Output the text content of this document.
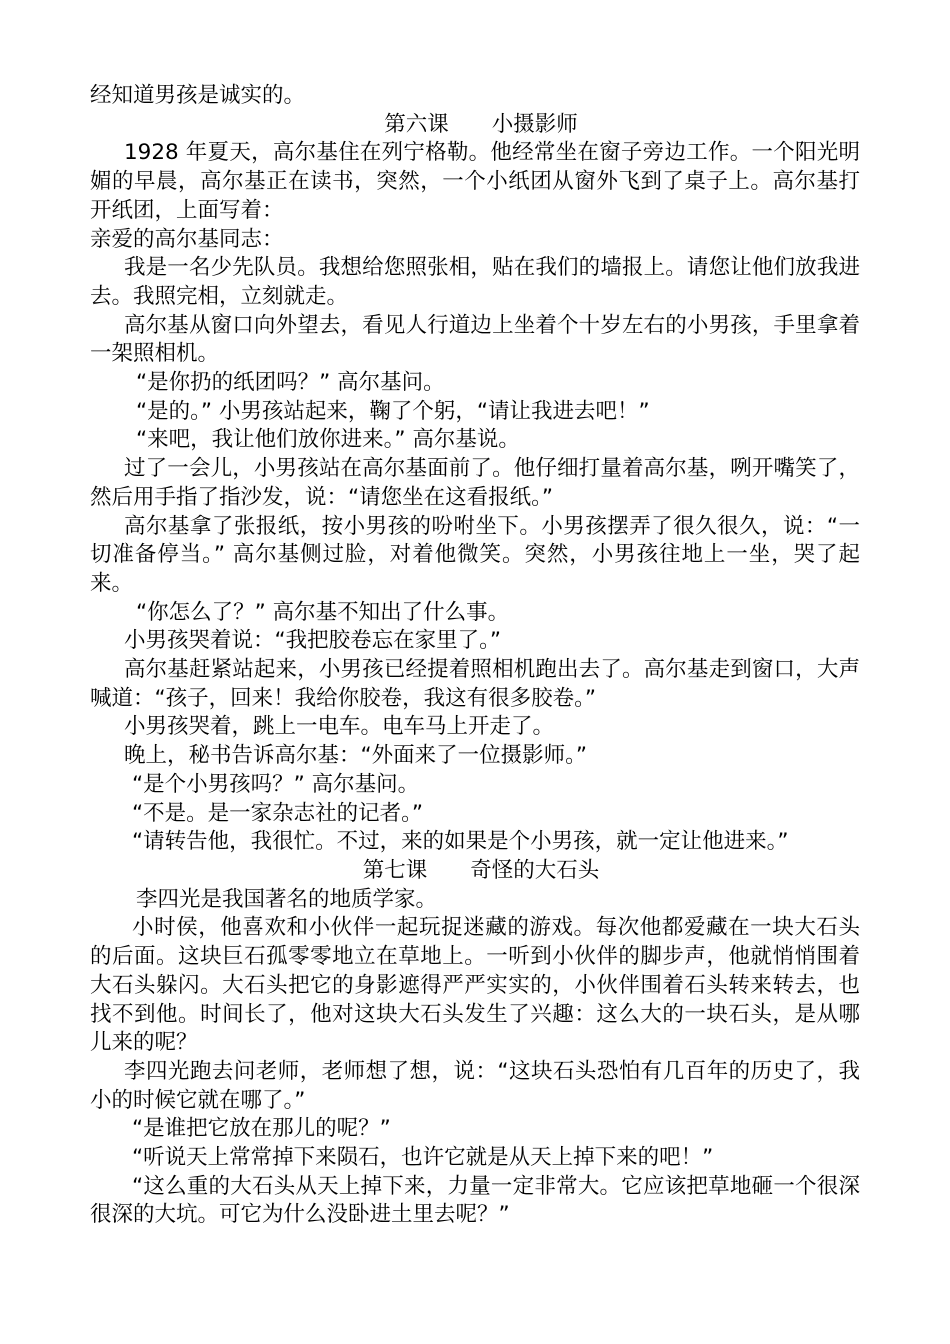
经知道男孩是诚实的。

第六课　　小摄影师

1928 年夏天，高尔基住在列宁格勒。他经常坐在窗子旁边工作。一个阳光明媚的早晨，高尔基正在读书，突然，一个小纸团从窗外飞到了桌子上。高尔基打开纸团，上面写着：

亲爱的高尔基同志：

我是一名少先队员。我想给您照张相，贴在我们的墙报上。请您让他们放我进去。我照完相，立刻就走。

高尔基从窗口向外望去，看见人行道边上坐着个十岁左右的小男孩，手里拿着一架照相机。

“是你扔的纸团吗？” 高尔基问。

“是的。” 小男孩站起来，鞠了个躬，“请让我进去吧！”

“来吧，我让他们放你进来。” 高尔基说。

过了一会儿，小男孩站在高尔基面前了。他仔细打量着高尔基，咧开嘴笑了，然后用手指了指沙发，说：“请您坐在这看报纸。”

高尔基拿了张报纸，按小男孩的吩咐坐下。小男孩摆弄了很久很久，说：“一切准备停当。” 高尔基侧过脸，对着他微笑。突然，小男孩往地上一坐，哭了起来。

“你怎么了？” 高尔基不知出了什么事。

小男孩哭着说：“我把胶卷忘在家里了。”

高尔基赶紧站起来，小男孩已经提着照相机跑出去了。高尔基走到窗口，大声喊道：“孩子，回来！我给你胶卷，我这有很多胶卷。”

小男孩哭着，跳上一电车。电车马上开走了。

晚上，秘书告诉高尔基：“外面来了一位摄影师。”

“是个小男孩吗？” 高尔基问。

“不是。是一家杂志社的记者。”

“请转告他，我很忙。不过，来的如果是个小男孩，就一定让他进来。”

第七课　　奇怪的大石头

李四光是我国著名的地质学家。

小时侯，他喜欢和小伙伴一起玩捉迷藏的游戏。每次他都爱藏在一块大石头的后面。这块巨石孤零零地立在草地上。一听到小伙伴的脚步声，他就悄悄围着大石头躲闪。大石头把它的身影遮得严严实实的，小伙伴围着石头转来转去，也找不到他。时间长了，他对这块大石头发生了兴趣：这么大的一块石头，是从哪儿来的呢？

李四光跑去问老师，老师想了想，说：“这块石头恐怕有几百年的历史了，我小的时候它就在哪了。”

“是谁把它放在那儿的呢？”

“听说天上常常掉下来陨石，也许它就是从天上掉下来的吧！”

“这么重的大石头从天上掉下来，力量一定非常大。它应该把草地砸一个很深很深的大坑。可它为什么没卧进土里去呢？”
